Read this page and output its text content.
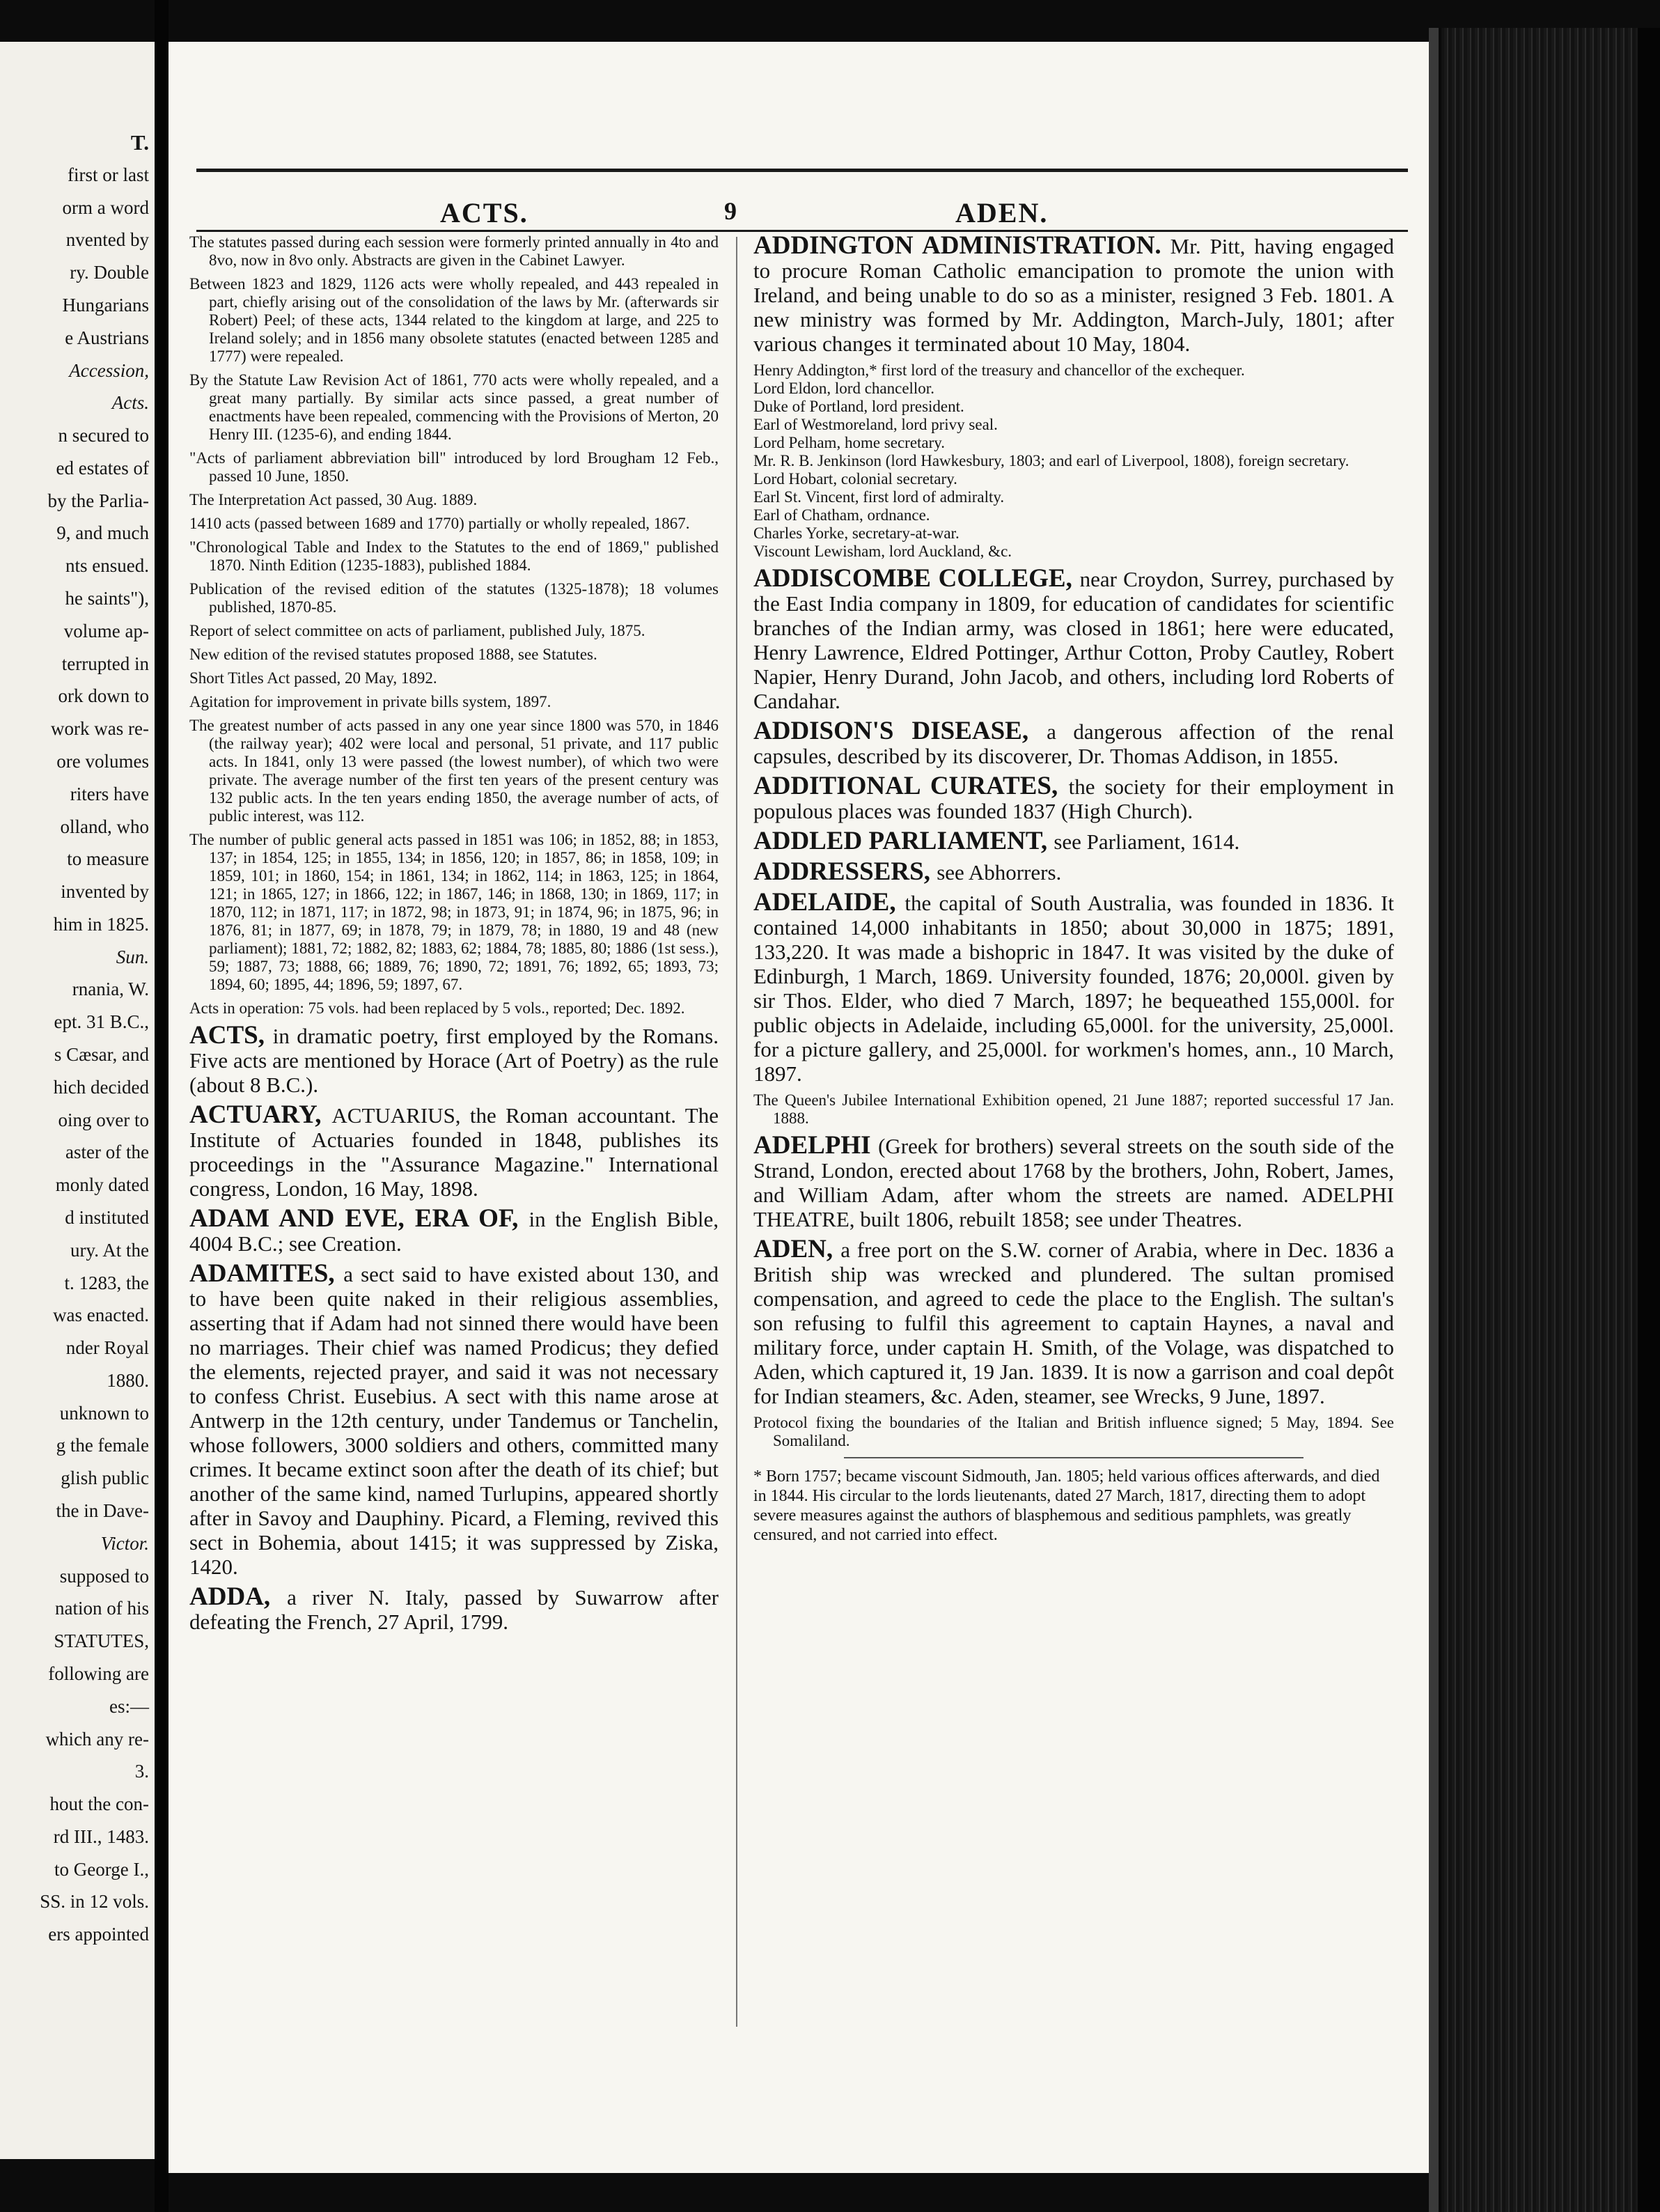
T.
first or last
orm a word
nvented by
ry. Double
Hungarians
e Austrians
Accession,
Acts.
n secured to
ed estates of
by the Parlia-
9, and much
nts ensued.
he saints"),
volume ap-
terrupted in
ork down to
work was re-
ore volumes
riters have
olland, who
to measure
invented by
him in 1825.
Sun.
rnania, W.
ept. 31 B.C.,
s Cæsar, and
hich decided
oing over to
aster of the
monly dated
d instituted
ury. At the
t. 1283, the
was enacted.
nder Royal
1880.
unknown to
g the female
glish public
the in Dave-
Victor.
supposed to
nation of his
STATUTES,
following are
es:—
which any re-
3.
hout the con-
rd III., 1483.
to George I.,
SS. in 12 vols.
ers appointed
ACTS.	9	ADEN.
The statutes passed during each session were formerly printed annually in 4to and 8vo, now in 8vo only. Abstracts are given in the Cabinet Lawyer.
Between 1823 and 1829, 1126 acts were wholly repealed, and 443 repealed in part, chiefly arising out of the consolidation of the laws by Mr. (afterwards sir Robert) Peel; of these acts, 1344 related to the kingdom at large, and 225 to Ireland solely; and in 1856 many obsolete statutes (enacted between 1285 and 1777) were repealed.
By the Statute Law Revision Act of 1861, 770 acts were wholly repealed, and a great many partially. By similar acts since passed, a great number of enactments have been repealed, commencing with the Provisions of Merton, 20 Henry III. (1235-6), and ending 1844.
"Acts of parliament abbreviation bill" introduced by lord Brougham 12 Feb., passed 10 June, 1850.
The Interpretation Act passed, 30 Aug. 1889.
1410 acts (passed between 1689 and 1770) partially or wholly repealed, 1867.
"Chronological Table and Index to the Statutes to the end of 1869," published 1870. Ninth Edition (1235-1883), published 1884.
Publication of the revised edition of the statutes (1325-1878); 18 volumes published, 1870-85.
Report of select committee on acts of parliament, published July, 1875.
New edition of the revised statutes proposed 1888, see Statutes.
Short Titles Act passed, 20 May, 1892.
Agitation for improvement in private bills system, 1897.
The greatest number of acts passed in any one year since 1800 was 570, in 1846 (the railway year); 402 were local and personal, 51 private, and 117 public acts. In 1841, only 13 were passed (the lowest number), of which two were private. The average number of the first ten years of the present century was 132 public acts. In the ten years ending 1850, the average number of acts, of public interest, was 112.
The number of public general acts passed in 1851 was 106; in 1852, 88; in 1853, 137; in 1854, 125; in 1855, 134; in 1856, 120; in 1857, 86; in 1858, 109; in 1859, 101; in 1860, 154; in 1861, 134; in 1862, 114; in 1863, 125; in 1864, 121; in 1865, 127; in 1866, 122; in 1867, 146; in 1868, 130; in 1869, 117; in 1870, 112; in 1871, 117; in 1872, 98; in 1873, 91; in 1874, 96; in 1875, 96; in 1876, 81; in 1877, 69; in 1878, 79; in 1879, 78; in 1880, 19 and 48 (new parliament); 1881, 72; 1882, 82; 1883, 62; 1884, 78; 1885, 80; 1886 (1st sess.), 59; 1887, 73; 1888, 66; 1889, 76; 1890, 72; 1891, 76; 1892, 65; 1893, 73; 1894, 60; 1895, 44; 1896, 59; 1897, 67.
Acts in operation: 75 vols. had been replaced by 5 vols., reported; Dec. 1892.
ACTS, in dramatic poetry, first employed by the Romans. Five acts are mentioned by Horace (Art of Poetry) as the rule (about 8 B.C.).
ACTUARY, ACTUARIUS, the Roman accountant. The Institute of Actuaries founded in 1848, publishes its proceedings in the "Assurance Magazine." International congress, London, 16 May, 1898.
ADAM AND EVE, ERA OF, in the English Bible, 4004 B.C.; see Creation.
ADAMITES, a sect said to have existed about 130, and to have been quite naked in their religious assemblies, asserting that if Adam had not sinned there would have been no marriages. Their chief was named Prodicus; they defied the elements, rejected prayer, and said it was not necessary to confess Christ. Eusebius. A sect with this name arose at Antwerp in the 12th century, under Tandemus or Tanchelin, whose followers, 3000 soldiers and others, committed many crimes. It became extinct soon after the death of its chief; but another of the same kind, named Turlupins, appeared shortly after in Savoy and Dauphiny. Picard, a Fleming, revived this sect in Bohemia, about 1415; it was suppressed by Ziska, 1420.
ADDA, a river N. Italy, passed by Suwarrow after defeating the French, 27 April, 1799.
ADDINGTON ADMINISTRATION. Mr. Pitt, having engaged to procure Roman Catholic emancipation to promote the union with Ireland, and being unable to do so as a minister, resigned 3 Feb. 1801. A new ministry was formed by Mr. Addington, March-July, 1801; after various changes it terminated about 10 May, 1804.

Henry Addington,* first lord of the treasury and chancellor of the exchequer.

Lord Eldon, lord chancellor.

Duke of Portland, lord president.

Earl of Westmoreland, lord privy seal.

Lord Pelham, home secretary.

Mr. R. B. Jenkinson (lord Hawkesbury, 1803; and earl of Liverpool, 1808), foreign secretary.

Lord Hobart, colonial secretary.

Earl St. Vincent, first lord of admiralty.

Earl of Chatham, ordnance.

Charles Yorke, secretary-at-war.

Viscount Lewisham, lord Auckland, &c.

ADDISCOMBE COLLEGE, near Croydon, Surrey, purchased by the East India company in 1809, for education of candidates for scientific branches of the Indian army, was closed in 1861; here were educated, Henry Lawrence, Eldred Pottinger, Arthur Cotton, Proby Cautley, Robert Napier, Henry Durand, John Jacob, and others, including lord Roberts of Candahar.
ADDISON'S DISEASE, a dangerous affection of the renal capsules, described by its discoverer, Dr. Thomas Addison, in 1855.
ADDITIONAL CURATES, the society for their employment in populous places was founded 1837 (High Church).
ADDLED PARLIAMENT, see Parliament, 1614.
ADDRESSERS, see Abhorrers.
ADELAIDE, the capital of South Australia, was founded in 1836. It contained 14,000 inhabitants in 1850; about 30,000 in 1875; 1891, 133,220. It was made a bishopric in 1847. It was visited by the duke of Edinburgh, 1 March, 1869. University founded, 1876; 20,000l. given by sir Thos. Elder, who died 7 March, 1897; he bequeathed 155,000l. for public objects in Adelaide, including 65,000l. for the university, 25,000l. for a picture gallery, and 25,000l. for workmen's homes, ann., 10 March, 1897.
The Queen's Jubilee International Exhibition opened, 21 June 1887; reported successful 17 Jan. 1888.
ADELPHI (Greek for brothers) several streets on the south side of the Strand, London, erected about 1768 by the brothers, John, Robert, James, and William Adam, after whom the streets are named. ADELPHI THEATRE, built 1806, rebuilt 1858; see under Theatres.
ADEN, a free port on the S.W. corner of Arabia, where in Dec. 1836 a British ship was wrecked and plundered. The sultan promised compensation, and agreed to cede the place to the English. The sultan's son refusing to fulfil this agreement to captain Haynes, a naval and military force, under captain H. Smith, of the Volage, was dispatched to Aden, which captured it, 19 Jan. 1839. It is now a garrison and coal depôt for Indian steamers, &c. Aden, steamer, see Wrecks, 9 June, 1897.
Protocol fixing the boundaries of the Italian and British influence signed; 5 May, 1894. See Somaliland.

* Born 1757; became viscount Sidmouth, Jan. 1805; held various offices afterwards, and died in 1844. His circular to the lords lieutenants, dated 27 March, 1817, directing them to adopt severe measures against the authors of blasphemous and seditious pamphlets, was greatly censured, and not carried into effect.
